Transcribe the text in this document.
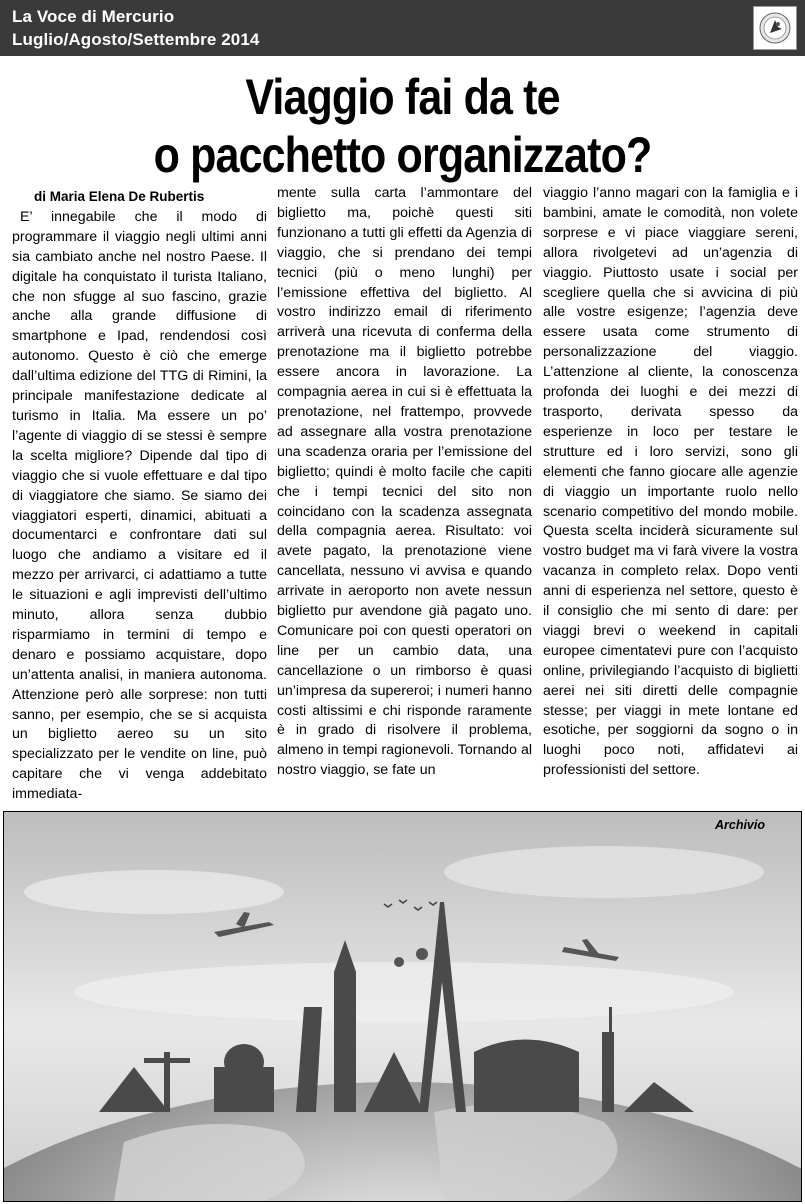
La Voce di Mercurio
Luglio/Agosto/Settembre 2014
Viaggio fai da te
o pacchetto organizzato?
di Maria Elena De Rubertis

E’ innegabile che il modo di programmare il viaggio negli ultimi anni sia cambiato anche nel nostro Paese. Il digitale ha conquistato il turista Italiano, che non sfugge al suo fascino, grazie anche alla grande diffusione di smartphone e Ipad, rendendosi così autonomo. Questo è ciò che emerge dall’ultima edizione del TTG di Rimini, la principale manifestazione dedicate al turismo in Italia. Ma essere un po’ l’agente di viaggio di se stessi è sempre la scelta migliore? Dipende dal tipo di viaggio che si vuole effettuare e dal tipo di viaggiatore che siamo. Se siamo dei viaggiatori esperti, dinamici, abituati a documentarci e confrontare dati sul luogo che andiamo a visitare ed il mezzo per arrivarci, ci adattiamo a tutte le situazioni e agli imprevisti dell’ultimo minuto, allora senza dubbio risparmiamo in termini di tempo e denaro e possiamo acquistare, dopo un’attenta analisi, in maniera autonoma. Attenzione però alle sorprese: non tutti sanno, per esempio, che se si acquista un biglietto aereo su un sito specializzato per le vendite on line, può capitare che vi venga addebitato immediata-

mente sulla carta l’ammontare del biglietto ma, poichè questi siti funzionano a tutti gli effetti da Agenzia di viaggio, che si prendano dei tempi tecnici (più o meno lunghi) per l’emissione effettiva del biglietto. Al vostro indirizzo email di riferimento arriverà una ricevuta di conferma della prenotazione ma il biglietto potrebbe essere ancora in lavorazione. La compagnia aerea in cui si è effettuata la prenotazione, nel frattempo, provvede ad assegnare alla vostra prenotazione una scadenza oraria per l’emissione del biglietto; quindi è molto facile che capiti che i tempi tecnici del sito non coincidano con la scadenza assegnata della compagnia aerea. Risultato: voi avete pagato, la prenotazione viene cancellata, nessuno vi avvisa e quando arrivate in aeroporto non avete nessun biglietto pur avendone già pagato uno. Comunicare poi con questi operatori on line per un cambio data, una cancellazione o un rimborso è quasi un’impresa da supereroi; i numeri hanno costi altissimi e chi risponde raramente è in grado di risolvere il problema, almeno in tempi ragionevoli. Tornando al nostro viaggio, se fate un

viaggio l’anno magari con la famiglia e i bambini, amate le comodità, non volete sorprese e vi piace viaggiare sereni, allora rivolgetevi ad un’agenzia di viaggio. Piuttosto usate i social per scegliere quella che si avvicina di più alle vostre esigenze; l’agenzia deve essere usata come strumento di personalizzazione del viaggio. L’attenzione al cliente, la conoscenza profonda dei luoghi e dei mezzi di trasporto, derivata spesso da esperienze in loco per testare le strutture ed i loro servizi, sono gli elementi che fanno giocare alle agenzie di viaggio un importante ruolo nello scenario competitivo del mondo mobile. Questa scelta inciderà sicuramente sul vostro budget ma vi farà vivere la vostra vacanza in completo relax. Dopo venti anni di esperienza nel settore, questo è il consiglio che mi sento di dare: per viaggi brevi o weekend in capitali europee cimentatevi pure con l’acquisto online, privilegiando l’acquisto di biglietti aerei nei siti diretti delle compagnie stesse; per viaggi in mete lontane ed esotiche, per soggiorni da sogno o in luoghi poco noti, affidatevi ai professionisti del settore.

Archivio
